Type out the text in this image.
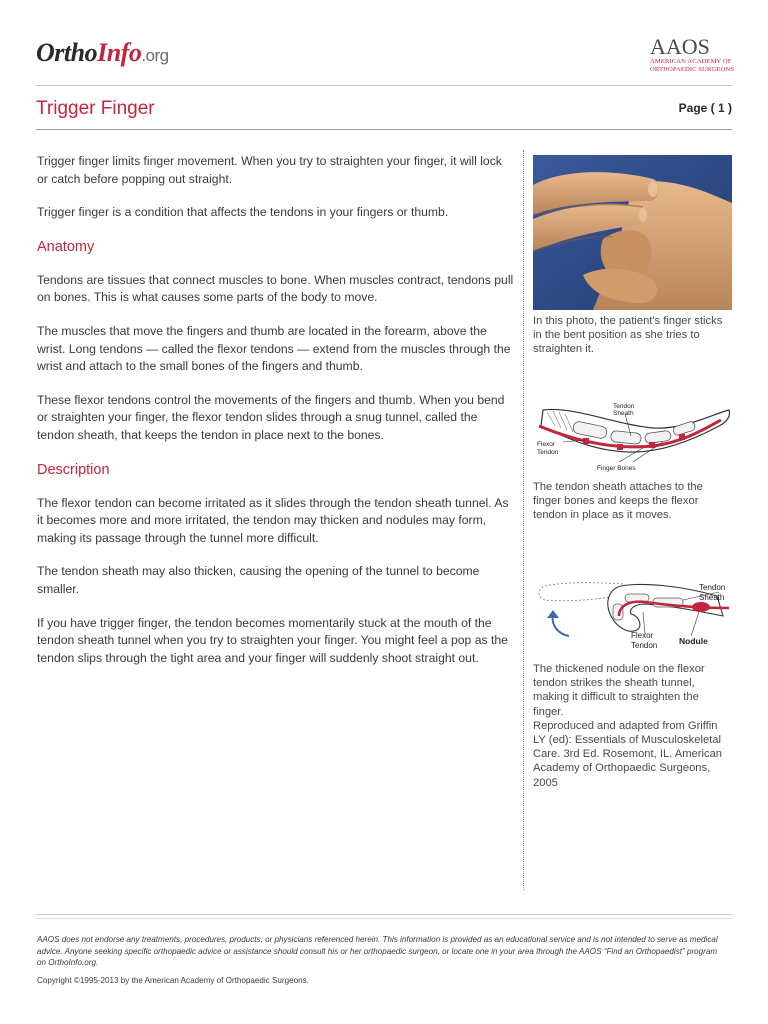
OrthoInfo.org	AAOS
AMERICAN ACADEMY OF
ORTHOPAEDIC SURGEONS
Trigger Finger	Page ( 1 )

Trigger finger limits finger movement. When you try to straighten your finger, it will lock or catch before popping out straight.

Trigger finger is a condition that affects the tendons in your fingers or thumb.

Anatomy

Tendons are tissues that connect muscles to bone. When muscles contract, tendons pull on bones. This is what causes some parts of the body to move.

The muscles that move the fingers and thumb are located in the forearm, above the wrist. Long tendons — called the flexor tendons — extend from the muscles through the wrist and attach to the small bones of the fingers and thumb.

These flexor tendons control the movements of the fingers and thumb. When you bend or straighten your finger, the flexor tendon slides through a snug tunnel, called the tendon sheath, that keeps the tendon in place next to the bones.

Description

The flexor tendon can become irritated as it slides through the tendon sheath tunnel. As it becomes more and more irritated, the tendon may thicken and nodules may form, making its passage through the tunnel more difficult.

The tendon sheath may also thicken, causing the opening of the tunnel to become smaller.

If you have trigger finger, the tendon becomes momentarily stuck at the mouth of the tendon sheath tunnel when you try to straighten your finger. You might feel a pop as the tendon slips through the tight area and your finger will suddenly shoot straight out.

In this photo, the patient's finger sticks in the bent position as she tries to straighten it.
Tendon
Sheath
Flexor
Tendon
Finger Bones
The tendon sheath attaches to the finger bones and keeps the flexor tendon in place as it moves.
Tendon
Sheath
Flexor
Tendon	Nodule
The thickened nodule on the flexor tendon strikes the sheath tunnel, making it difficult to straighten the finger.
Reproduced and adapted from Griffin LY (ed): Essentials of Musculoskeletal Care. 3rd Ed. Rosemont, IL. American Academy of Orthopaedic Surgeons, 2005
AAOS does not endorse any treatments, procedures, products, or physicians referenced herein. This information is provided as an educational service and is not intended to serve as medical advice. Anyone seeking specific orthopaedic advice or assistance should consult his or her orthopaedic surgeon, or locate one in your area through the AAOS “Find an Orthopaedist” program on OrthoInfo.org.
Copyright ©1995-2013 by the American Academy of Orthopaedic Surgeons.
